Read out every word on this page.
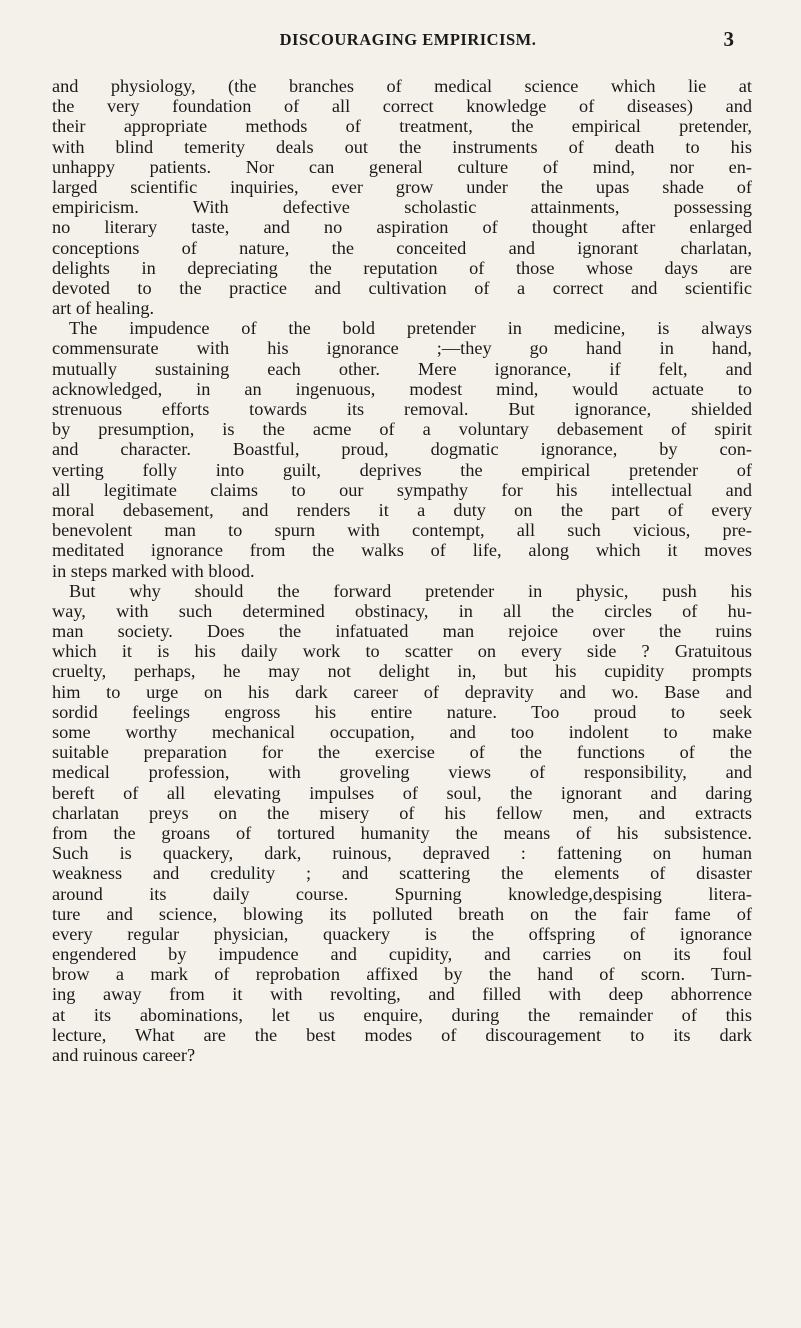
DISCOURAGING EMPIRICISM.	3
and physiology, (the branches of medical science which lie at
the very foundation of all correct knowledge of diseases) and
their appropriate methods of treatment, the empirical pretender,
with blind temerity deals out the instruments of death to his
unhappy patients. Nor can general culture of mind, nor en-
larged scientific inquiries, ever grow under the upas shade of
empiricism. With defective scholastic attainments, possessing
no literary taste, and no aspiration of thought after enlarged
conceptions of nature, the conceited and ignorant charlatan,
delights in depreciating the reputation of those whose days are
devoted to the practice and cultivation of a correct and scientific
art of healing.
The impudence of the bold pretender in medicine, is always
commensurate with his ignorance ;—they go hand in hand,
mutually sustaining each other. Mere ignorance, if felt, and
acknowledged, in an ingenuous, modest mind, would actuate to
strenuous efforts towards its removal. But ignorance, shielded
by presumption, is the acme of a voluntary debasement of spirit
and character. Boastful, proud, dogmatic ignorance, by con-
verting folly into guilt, deprives the empirical pretender of
all legitimate claims to our sympathy for his intellectual and
moral debasement, and renders it a duty on the part of every
benevolent man to spurn with contempt, all such vicious, pre-
meditated ignorance from the walks of life, along which it moves
in steps marked with blood.
But why should the forward pretender in physic, push his
way, with such determined obstinacy, in all the circles of hu-
man society. Does the infatuated man rejoice over the ruins
which it is his daily work to scatter on every side ? Gratuitous
cruelty, perhaps, he may not delight in, but his cupidity prompts
him to urge on his dark career of depravity and wo. Base and
sordid feelings engross his entire nature. Too proud to seek
some worthy mechanical occupation, and too indolent to make
suitable preparation for the exercise of the functions of the
medical profession, with groveling views of responsibility, and
bereft of all elevating impulses of soul, the ignorant and daring
charlatan preys on the misery of his fellow men, and extracts
from the groans of tortured humanity the means of his subsistence.
Such is quackery, dark, ruinous, depraved : fattening on human
weakness and credulity ; and scattering the elements of disaster
around its daily course. Spurning knowledge,despising litera-
ture and science, blowing its polluted breath on the fair fame of
every regular physician, quackery is the offspring of ignorance
engendered by impudence and cupidity, and carries on its foul
brow a mark of reprobation affixed by the hand of scorn. Turn-
ing away from it with revolting, and filled with deep abhorrence
at its abominations, let us enquire, during the remainder of this
lecture, What are the best modes of discouragement to its dark
and ruinous career?
